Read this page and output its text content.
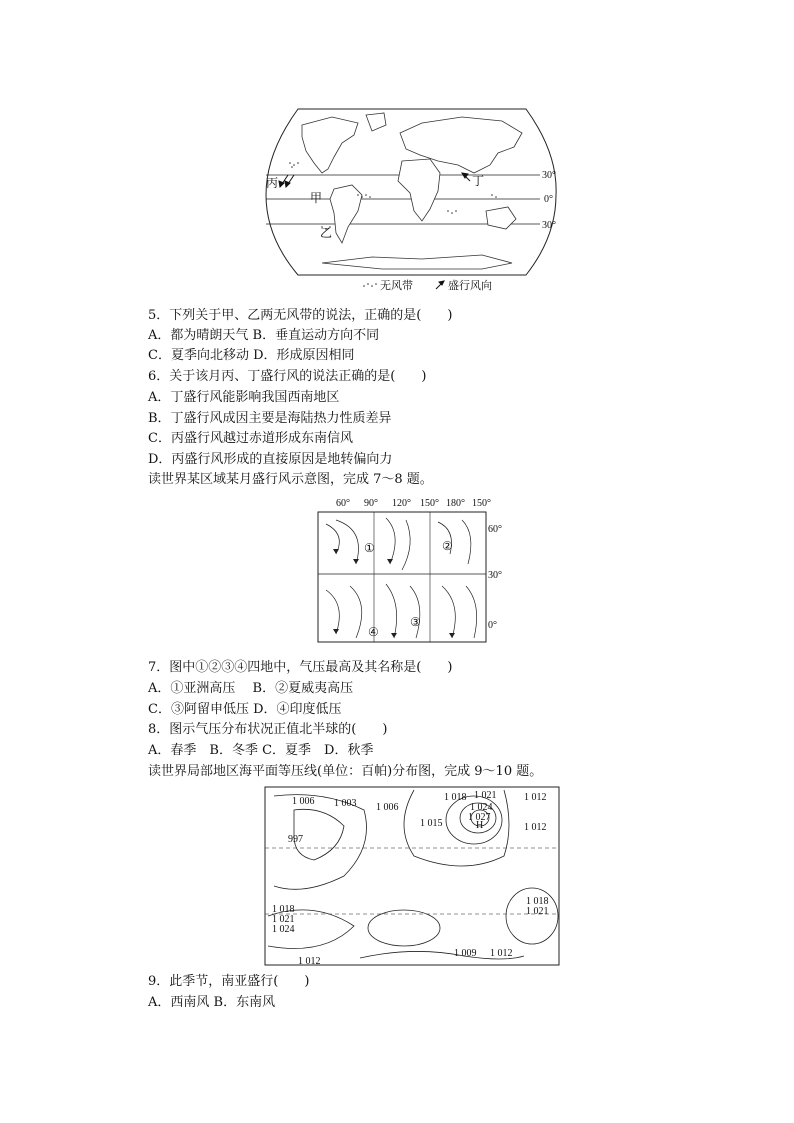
丙	丁
甲
乙
30°
0°
30°
无风带	盛行风向
5．下列关于甲、乙两无风带的说法，正确的是(　　)
A．都为晴朗天气 B．垂直运动方向不同
C．夏季向北移动 D．形成原因相同
6．关于该月丙、丁盛行风的说法正确的是(　　)
A．丁盛行风能影响我国西南地区
B．丁盛行风成因主要是海陆热力性质差异
C．丙盛行风越过赤道形成东南信风
D．丙盛行风形成的直接原因是地转偏向力
读世界某区域某月盛行风示意图，完成 7～8 题。
60° 90° 120° 150° 180° 150°
①	②
③
④
60°
30°
0°
7．图中①②③④四地中，气压最高及其名称是(　　)
A．①亚洲高压　 B．②夏威夷高压
C．③阿留申低压 D．④印度低压
8．图示气压分布状况正值北半球的(　　)
A．春季　B．冬季 C．夏季　D．秋季
读世界局部地区海平面等压线(单位：百帕)分布图，完成 9～10 题。
1 006 1 003 1 006
997
1 015
1 018 1 021
1 024
1 027
H
1 012
1 012
1 018
1 021
1 018
1 021
1 024
1 012
1 009 1 012
9．此季节，南亚盛行(　　)
A．西南风 B．东南风
